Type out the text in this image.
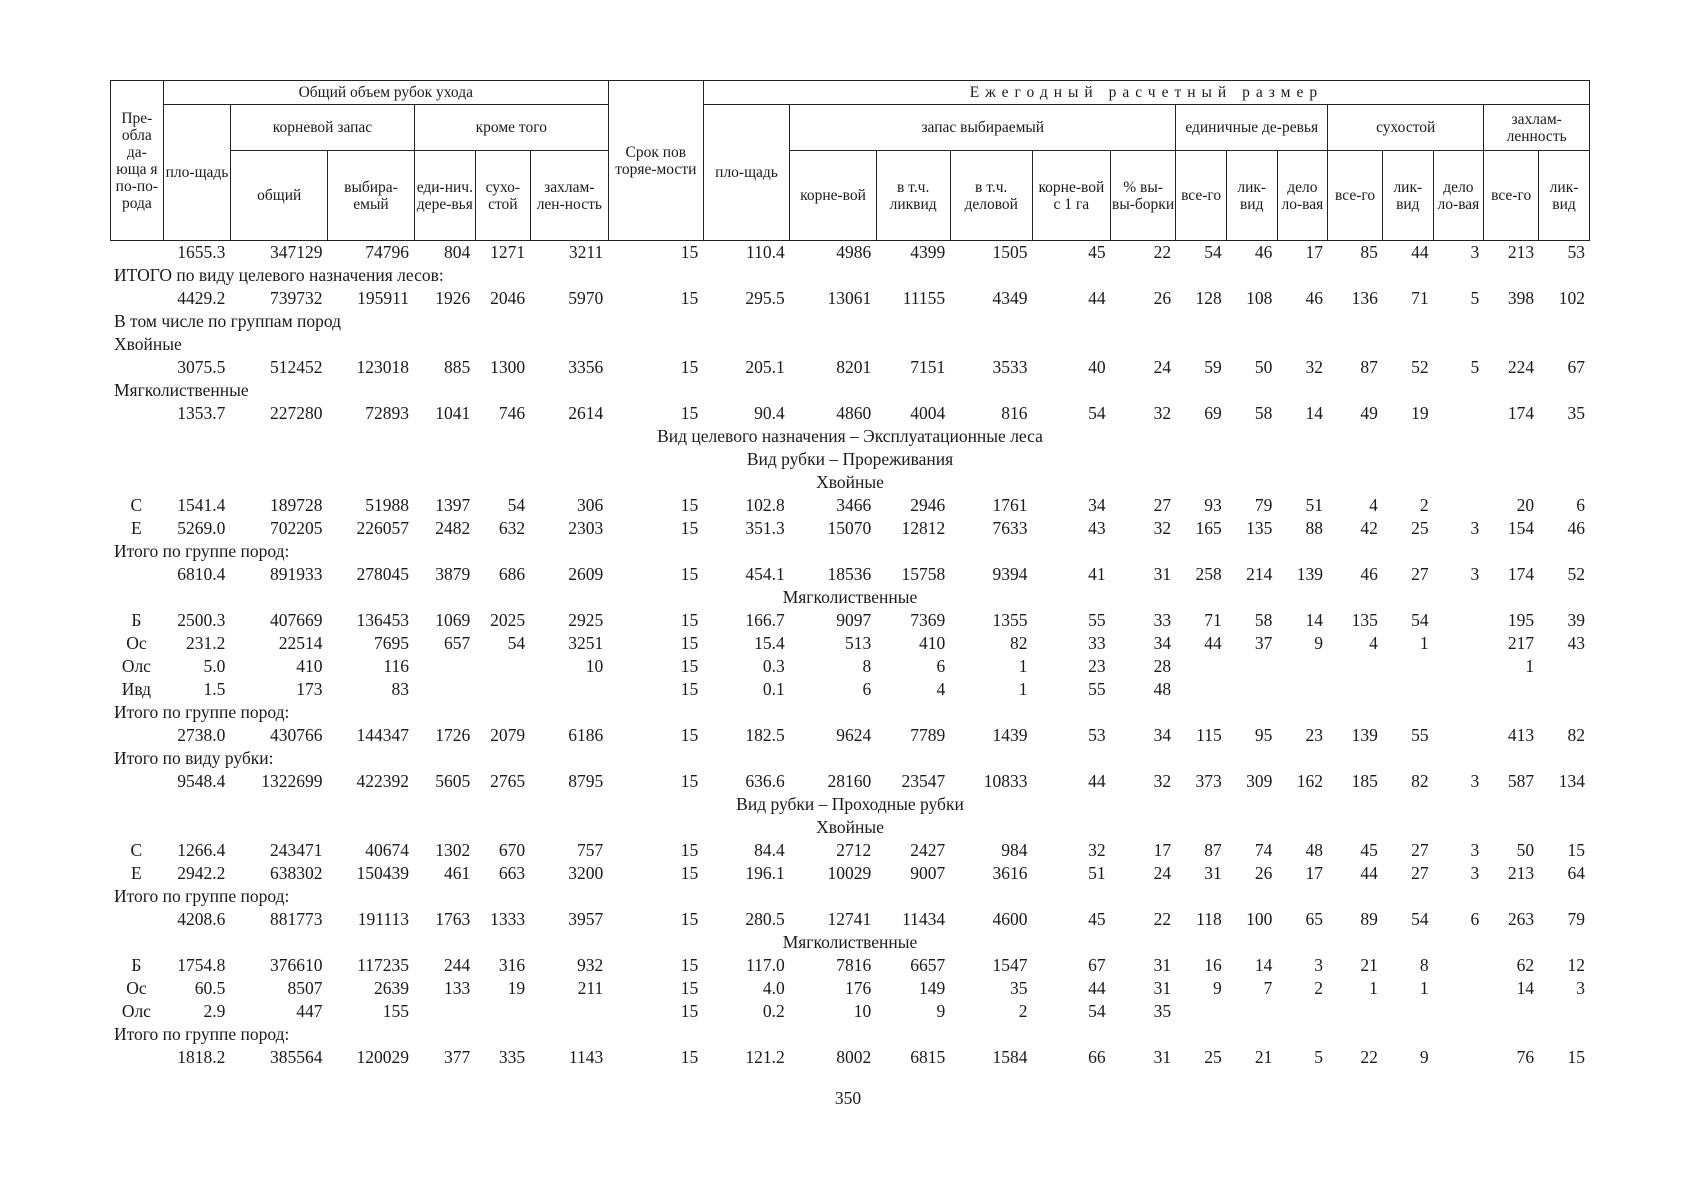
Пре-обла да-юща я по-по-рода	Общий объем рубок ухода						Срок пов торяе-мости	Ежегодный расчетный размер													
	пло-щадь	корневой запас		кроме того				пло-щадь	запас выбираемый					единичные де-ревья			сухостой			захлам-ленность	
		общий	выбира-емый	еди-нич. дере-вья	сухо-стой	захлам-лен-ность			корне-вой	в т.ч. ликвид	в т.ч. деловой	корне-вой с 1 га	% вы-вы-борки	все-го	лик-вид	дело ло-вая	все-го	лик-вид	дело ло-вая	все-го	лик-вид
	1655.3	347129	74796	804	1271	3211	15	110.4	4986	4399	1505	45	22	54	46	17	85	44	3	213	53
ИТОГО по виду целевого назначения лесов:																					
	4429.2	739732	195911	1926	2046	5970	15	295.5	13061	11155	4349	44	26	128	108	46	136	71	5	398	102
В том числе по группам пород																					
Хвойные																					
	3075.5	512452	123018	885	1300	3356	15	205.1	8201	7151	3533	40	24	59	50	32	87	52	5	224	67
Мягколиственные																					
	1353.7	227280	72893	1041	746	2614	15	90.4	4860	4004	816	54	32	69	58	14	49	19		174	35
Вид целевого назначения – Эксплуатационные леса																					
Вид рубки – Прореживания																					
Хвойные																					
С	1541.4	189728	51988	1397	54	306	15	102.8	3466	2946	1761	34	27	93	79	51	4	2		20	6
Е	5269.0	702205	226057	2482	632	2303	15	351.3	15070	12812	7633	43	32	165	135	88	42	25	3	154	46
Итого по группе пород:																					
	6810.4	891933	278045	3879	686	2609	15	454.1	18536	15758	9394	41	31	258	214	139	46	27	3	174	52
Мягколиственные																					
Б	2500.3	407669	136453	1069	2025	2925	15	166.7	9097	7369	1355	55	33	71	58	14	135	54		195	39
Ос	231.2	22514	7695	657	54	3251	15	15.4	513	410	82	33	34	44	37	9	4	1		217	43
Олс	5.0	410	116			10	15	0.3	8	6	1	23	28							1	
Ивд	1.5	173	83				15	0.1	6	4	1	55	48								
Итого по группе пород:																					
	2738.0	430766	144347	1726	2079	6186	15	182.5	9624	7789	1439	53	34	115	95	23	139	55		413	82
Итого по виду рубки:																					
	9548.4	1322699	422392	5605	2765	8795	15	636.6	28160	23547	10833	44	32	373	309	162	185	82	3	587	134
Вид рубки – Проходные рубки																					
Хвойные																					
С	1266.4	243471	40674	1302	670	757	15	84.4	2712	2427	984	32	17	87	74	48	45	27	3	50	15
Е	2942.2	638302	150439	461	663	3200	15	196.1	10029	9007	3616	51	24	31	26	17	44	27	3	213	64
Итого по группе пород:																					
	4208.6	881773	191113	1763	1333	3957	15	280.5	12741	11434	4600	45	22	118	100	65	89	54	6	263	79
Мягколиственные																					
Б	1754.8	376610	117235	244	316	932	15	117.0	7816	6657	1547	67	31	16	14	3	21	8		62	12
Ос	60.5	8507	2639	133	19	211	15	4.0	176	149	35	44	31	9	7	2	1	1		14	3
Олс	2.9	447	155				15	0.2	10	9	2	54	35								
Итого по группе пород:																					
	1818.2	385564	120029	377	335	1143	15	121.2	8002	6815	1584	66	31	25	21	5	22	9		76	15
350
